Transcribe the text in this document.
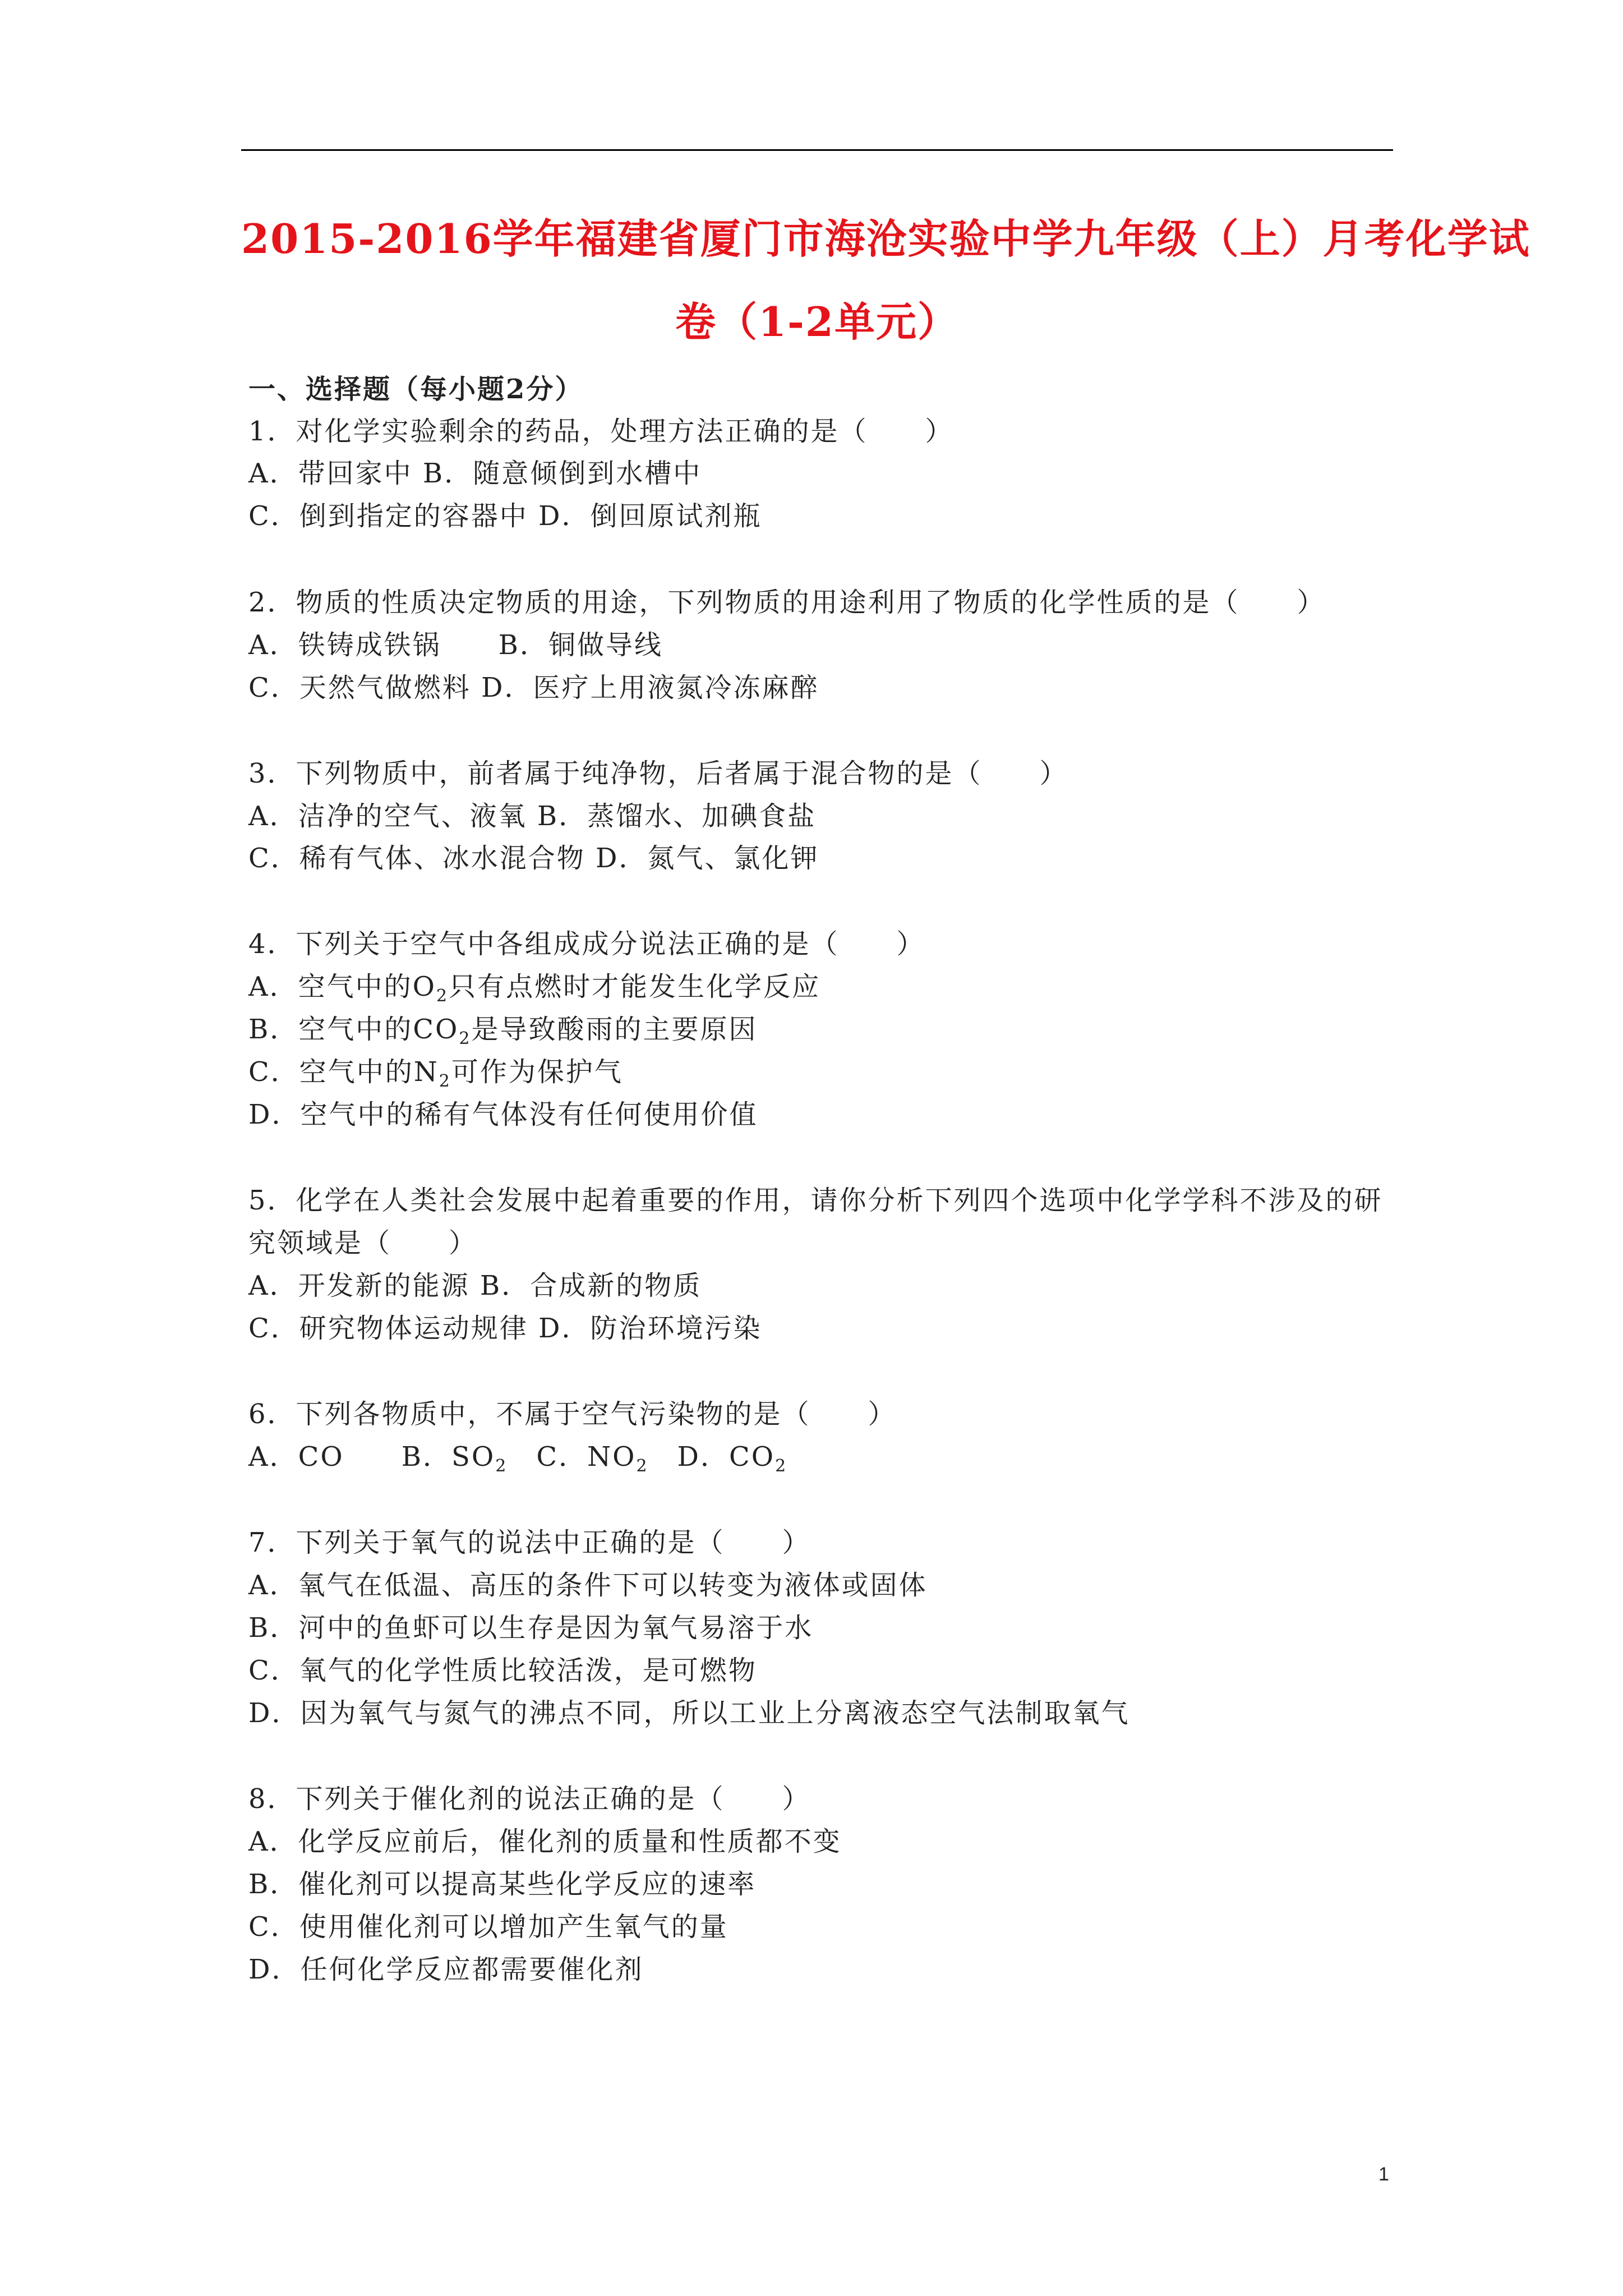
2015-2016学年福建省厦门市海沧实验中学九年级（上）月考化学试
卷（1-2单元）
一、选择题（每小题2分）
1．对化学实验剩余的药品，处理方法正确的是（　　）
A．带回家中 B．随意倾倒到水槽中
C．倒到指定的容器中 D．倒回原试剂瓶
2．物质的性质决定物质的用途，下列物质的用途利用了物质的化学性质的是（　　）
A．铁铸成铁锅　　B．铜做导线
C．天然气做燃料 D．医疗上用液氮冷冻麻醉
3．下列物质中，前者属于纯净物，后者属于混合物的是（　　）
A．洁净的空气、液氧 B．蒸馏水、加碘食盐
C．稀有气体、冰水混合物 D．氮气、氯化钾
4．下列关于空气中各组成成分说法正确的是（　　）
A．空气中的$O_2$只有点燃时才能发生化学反应
B．空气中的$CO_2$是导致酸雨的主要原因
C．空气中的$N_2$可作为保护气
D．空气中的稀有气体没有任何使用价值
5．化学在人类社会发展中起着重要的作用，请你分析下列四个选项中化学学科不涉及的研
究领域是（　　）
A．开发新的能源 B．合成新的物质
C．研究物体运动规律 D．防治环境污染
6．下列各物质中，不属于空气污染物的是（　　）
A．CO　　B．$SO_2$　C．$NO_2$　D．$CO_2$
7．下列关于氧气的说法中正确的是（　　）
A．氧气在低温、高压的条件下可以转变为液体或固体
B．河中的鱼虾可以生存是因为氧气易溶于水
C．氧气的化学性质比较活泼，是可燃物
D．因为氧气与氮气的沸点不同，所以工业上分离液态空气法制取氧气
8．下列关于催化剂的说法正确的是（　　）
A．化学反应前后，催化剂的质量和性质都不变
B．催化剂可以提高某些化学反应的速率
C．使用催化剂可以增加产生氧气的量
D．任何化学反应都需要催化剂
1
